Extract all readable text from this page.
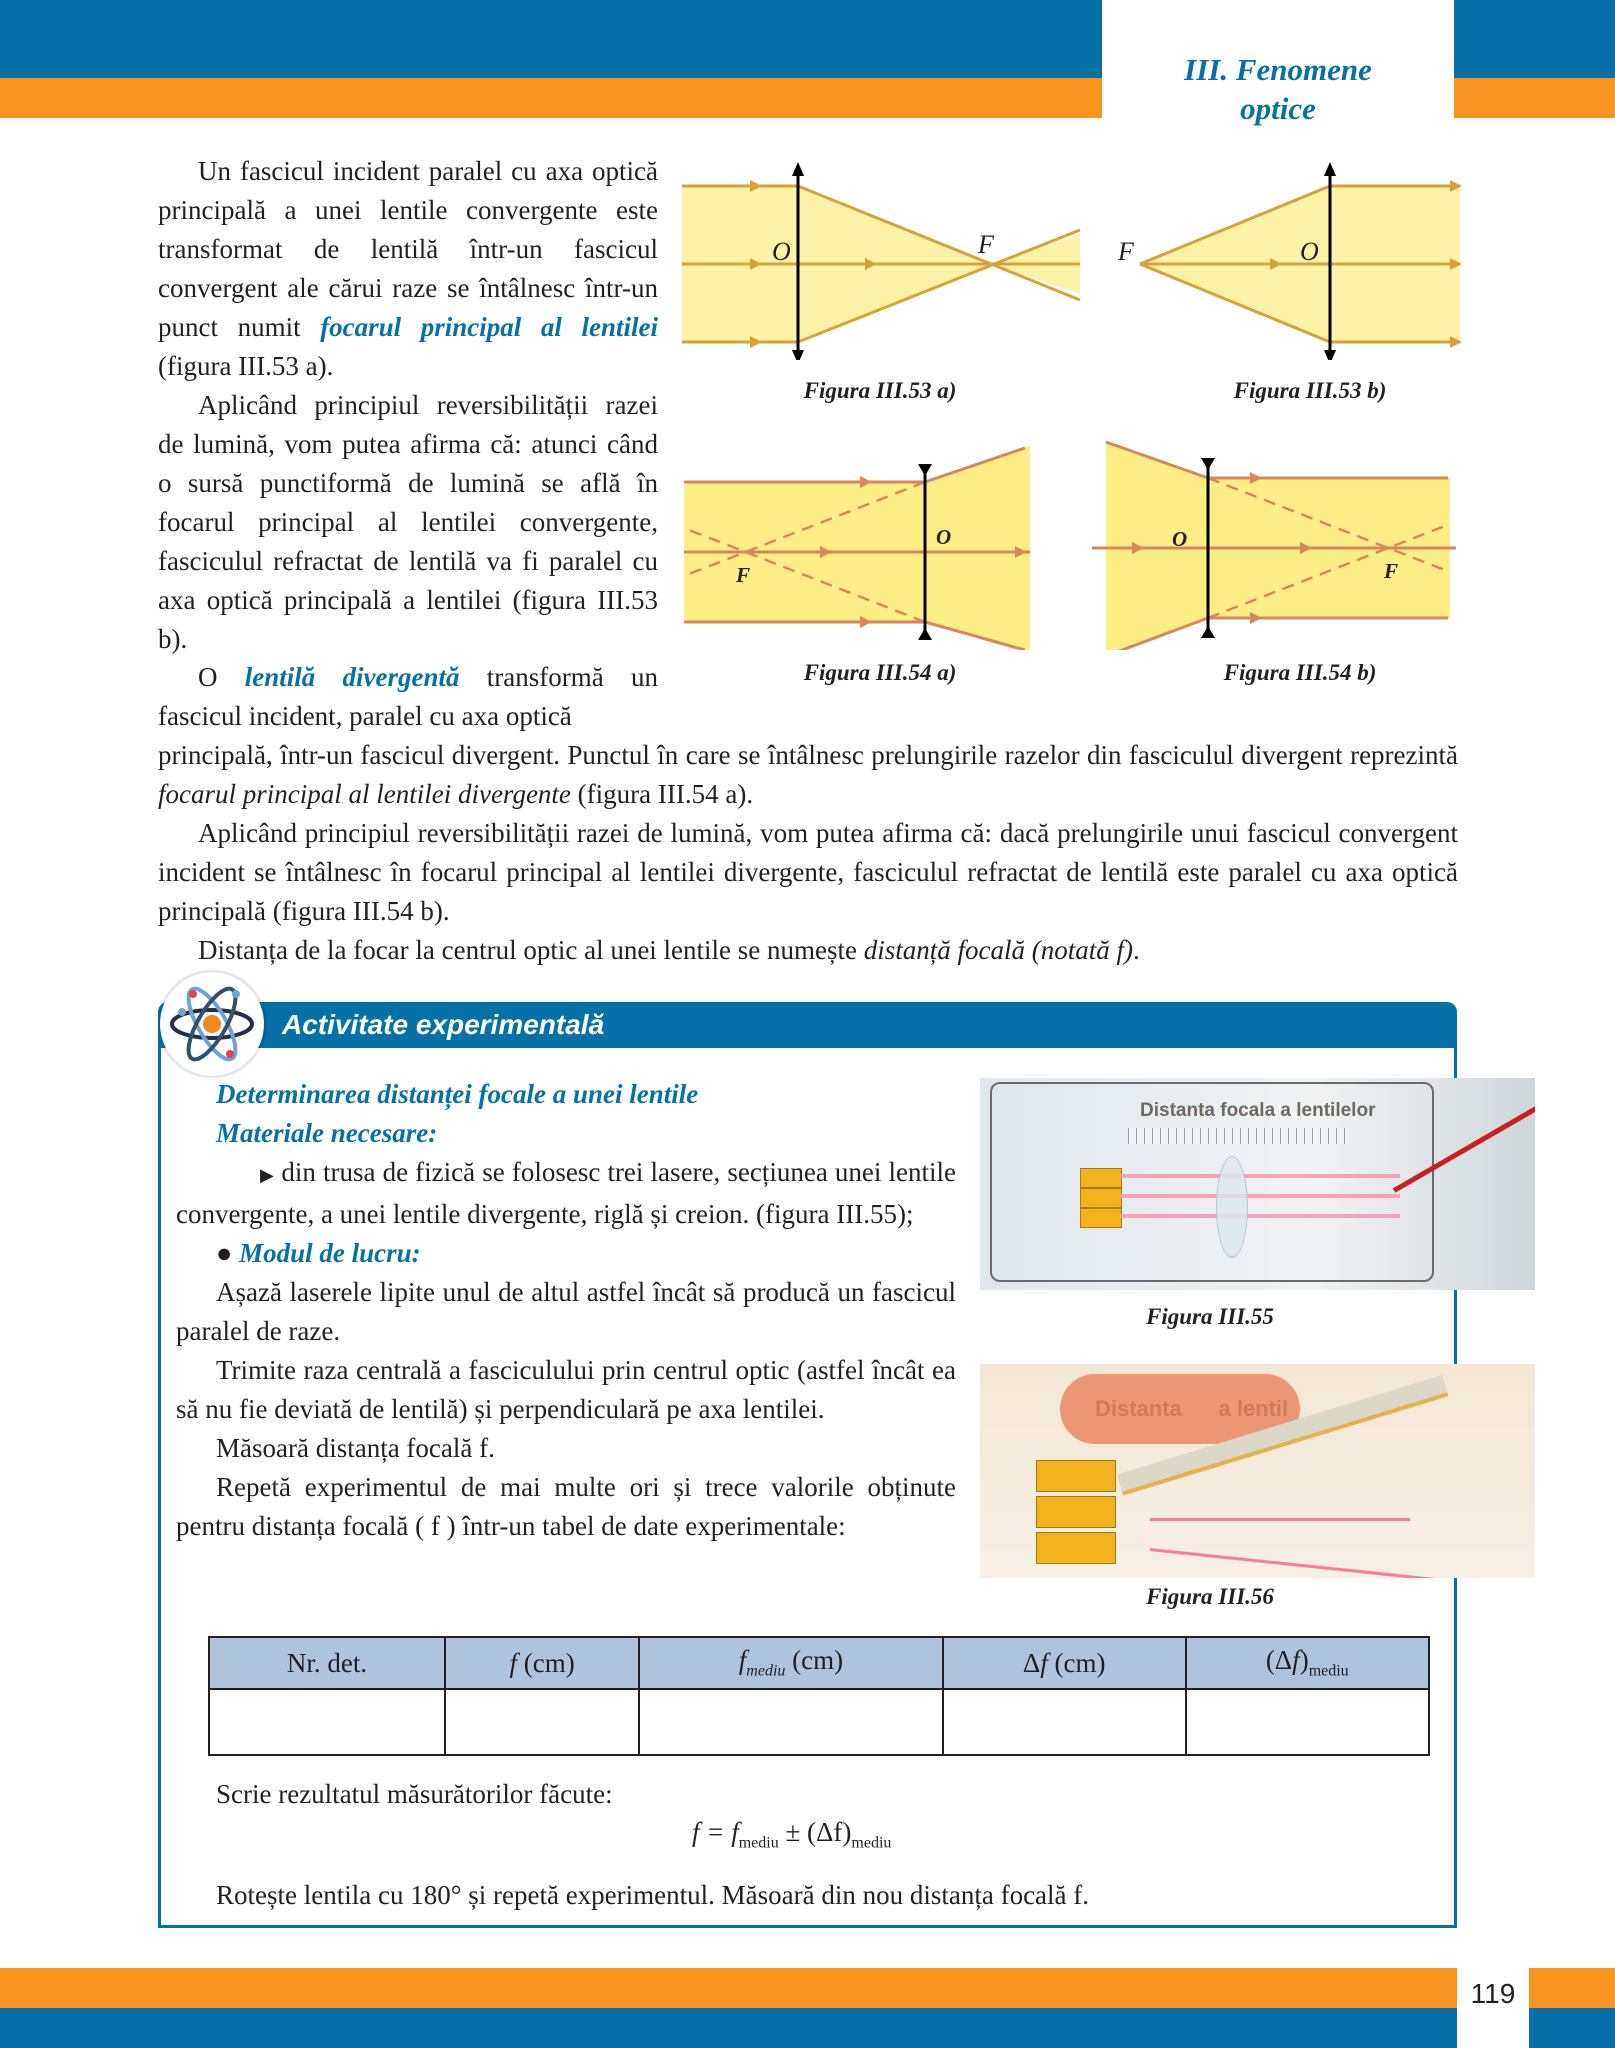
III. Fenomene
optice

Un fascicul incident paralel cu axa optică principală a unei lentile convergente este transformat de lentilă într-un fascicul convergent ale cărui raze se întâlnesc într-un punct numit focarul principal al lentilei (figura III.53 a).

Aplicând principiul reversibilității razei de lumină, vom putea afirma că: atunci când o sursă punctiformă de lumină se află în focarul principal al lentilei convergente, fasciculul refractat de lentilă va fi paralel cu axa optică principală a lentilei (figura III.53 b).

O lentilă divergentă transformă un fascicul incident, paralel cu axa optică
principală, într-un fascicul divergent. Punctul în care se întâlnesc prelungirile razelor din fasciculul divergent reprezintă focarul principal al lentilei divergente (figura III.54 a).
Aplicând principiul reversibilității razei de lumină, vom putea afirma că: dacă prelungirile unui fascicul convergent incident se întâlnesc în focarul principal al lentilei divergente, fasciculul refractat de lentilă este paralel cu axa optică principală (figura III.54 b).
Distanța de la focar la centrul optic al unei lentile se numește distanță focală (notată f).
O	F
Figura III.53 a)
F	O
Figura III.53 b)
O
F
Figura III.54 a)
O
F
Figura III.54 b)
Activitate experimentală
Determinarea distanței focale a unei lentile
Materiale necesare:
▶ din trusa de fizică se folosesc trei lasere, secțiunea unei lentile convergente, a unei lentile divergente, riglă și creion. (figura III.55);
● Modul de lucru:
Așază laserele lipite unul de altul astfel încât să producă un fascicul paralel de raze.
Trimite raza centrală a fasciculului prin centrul optic (astfel încât ea să nu fie deviată de lentilă) și perpendiculară pe axa lentilei.
Măsoară distanța focală f.
Repetă experimentul de mai multe ori și trece valorile obținute pentru distanța focală ( f ) într-un tabel de date experimentale:
Distanta focala a lentilelor
Figura III.55
Figura III.56
Nr. det.	f (cm)	$f_{mediu}$ (cm)	Δf (cm)	$(\Delta f)_{mediu}$

Scrie rezultatul măsurătorilor făcute:
$f = f_{mediu} \pm (\Delta f)_{mediu}$
Rotește lentila cu 180° și repetă experimentul. Măsoară din nou distanța focală f.
119
